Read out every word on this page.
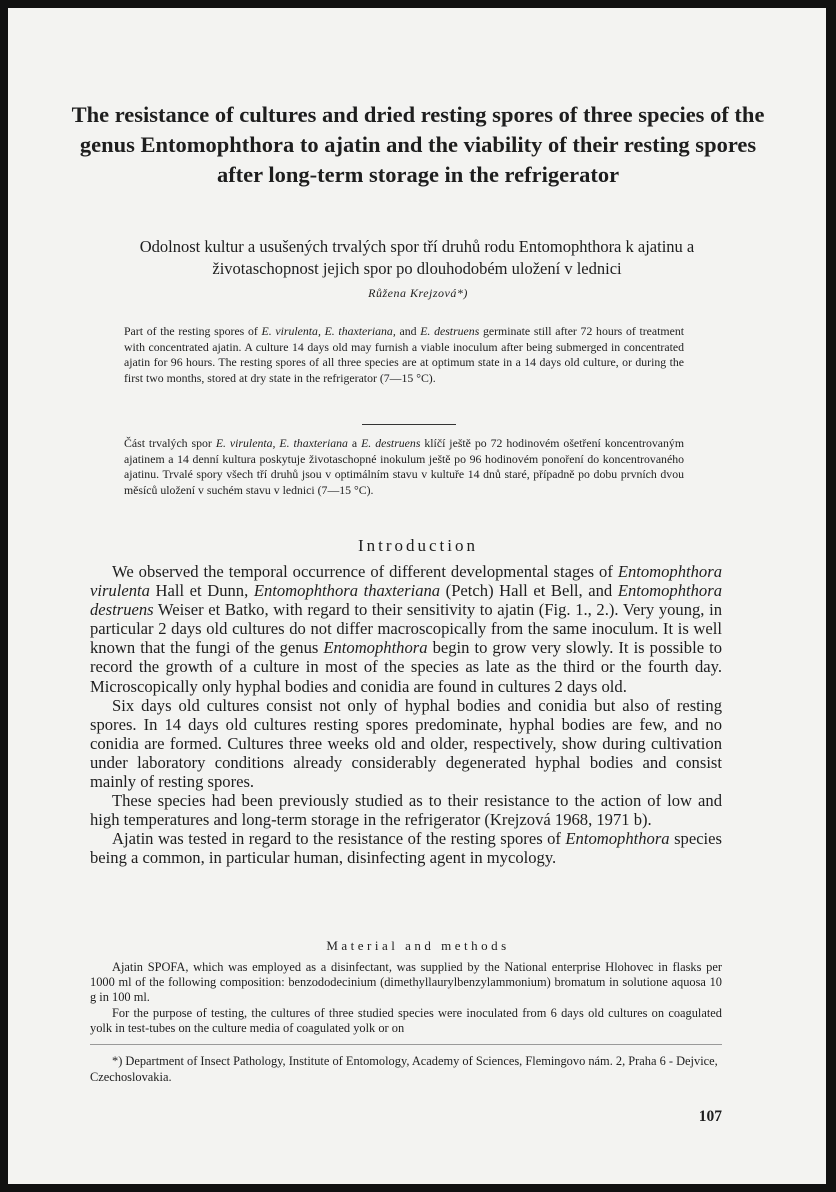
The resistance of cultures and dried resting spores of three species of the genus Entomophthora to ajatin and the viability of their resting spores after long-term storage in the refrigerator
Odolnost kultur a usušených trvalých spor tří druhů rodu Entomophthora k ajatinu a životaschopnost jejich spor po dlouhodobém uložení v lednici
Růžena Krejzová*)
Part of the resting spores of E. virulenta, E. thaxteriana, and E. destruens germinate still after 72 hours of treatment with concentrated ajatin. A culture 14 days old may furnish a viable inoculum after being submerged in concentrated ajatin for 96 hours. The resting spores of all three species are at optimum state in a 14 days old culture, or during the first two months, stored at dry state in the refrigerator (7—15 °C).
Část trvalých spor E. virulenta, E. thaxteriana a E. destruens klíčí ještě po 72 hodinovém ošetření koncentrovaným ajatinem a 14 denní kultura poskytuje životaschopné inokulum ještě po 96 hodinovém ponoření do koncentrovaného ajatinu. Trvalé spory všech tří druhů jsou v optimálním stavu v kultuře 14 dnů staré, případně po dobu prvních dvou měsíců uložení v suchém stavu v lednici (7—15 °C).
Introduction

We observed the temporal occurrence of different developmental stages of Entomophthora virulenta Hall et Dunn, Entomophthora thaxteriana (Petch) Hall et Bell, and Entomophthora destruens Weiser et Batko, with regard to their sensitivity to ajatin (Fig. 1., 2.). Very young, in particular 2 days old cultures do not differ macroscopically from the same inoculum. It is well known that the fungi of the genus Entomophthora begin to grow very slowly. It is possible to record the growth of a culture in most of the species as late as the third or the fourth day. Microscopically only hyphal bodies and conidia are found in cultures 2 days old.

Six days old cultures consist not only of hyphal bodies and conidia but also of resting spores. In 14 days old cultures resting spores predominate, hyphal bodies are few, and no conidia are formed. Cultures three weeks old and older, respectively, show during cultivation under laboratory conditions already considerably degenerated hyphal bodies and consist mainly of resting spores.

These species had been previously studied as to their resistance to the action of low and high temperatures and long-term storage in the refrigerator (Krejzová 1968, 1971 b).

Ajatin was tested in regard to the resistance of the resting spores of Entomophthora species being a common, in particular human, disinfecting agent in mycology.

Material and methods

Ajatin SPOFA, which was employed as a disinfectant, was supplied by the National enterprise Hlohovec in flasks per 1000 ml of the following composition: benzododecinium (dimethyllaurylbenzylammonium) bromatum in solutione aquosa 10 g in 100 ml.

For the purpose of testing, the cultures of three studied species were inoculated from 6 days old cultures on coagulated yolk in test-tubes on the culture media of coagulated yolk or on

*) Department of Insect Pathology, Institute of Entomology, Academy of Sciences, Flemingovo nám. 2, Praha 6 - Dejvice, Czechoslovakia.

107
